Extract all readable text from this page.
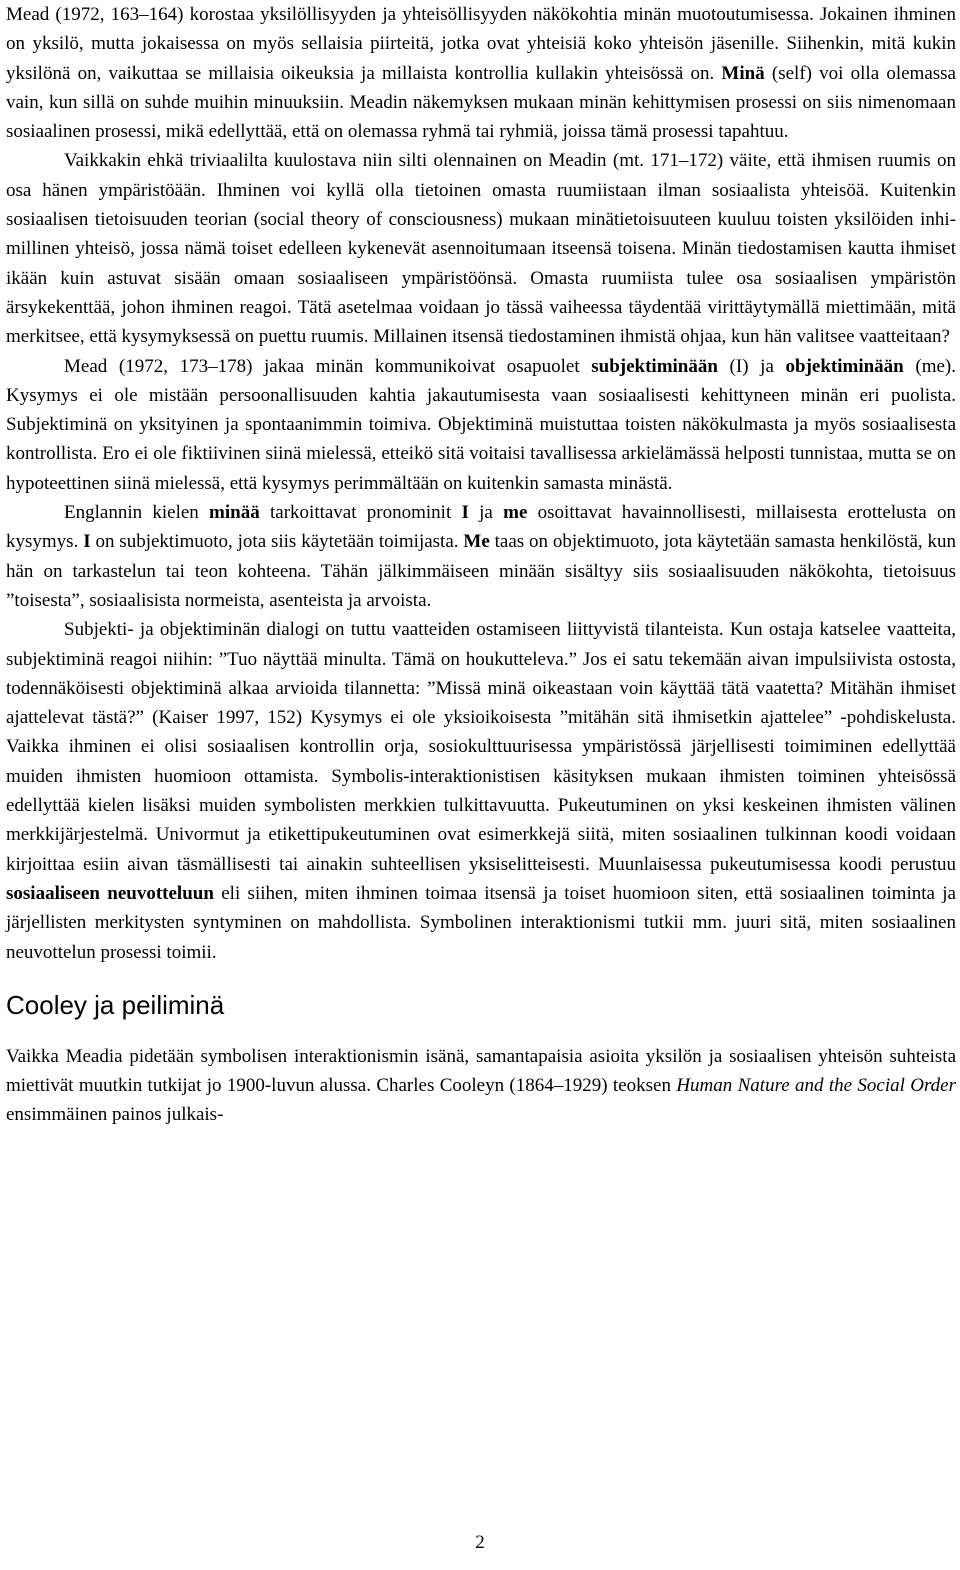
Mead (1972, 163–164) korostaa yksilöllisyyden ja yhteisöllisyyden näkökohtia minän muotoutumisessa. Jokainen ihminen on yksilö, mutta jokaisessa on myös sellaisia piirteitä, jotka ovat yhteisiä koko yhteisön jäsenille. Siihenkin, mitä kukin yksilönä on, vaikuttaa se millaisia oikeuksia ja millaista kontrollia kullakin yhteisössä on. Minä (self) voi olla olemassa vain, kun sillä on suhde muihin minuuksiin. Meadin näkemyksen mukaan minän kehittymisen prosessi on siis nimenomaan sosiaalinen prosessi, mikä edellyttää, että on olemassa ryhmä tai ryhmiä, joissa tämä prosessi tapahtuu.

Vaikkakin ehkä triviaalilta kuulostava niin silti olennainen on Meadin (mt. 171–172) väite, että ihmisen ruumis on osa hänen ympäristöään. Ihminen voi kyllä olla tietoinen omasta ruumiistaan ilman sosiaalista yhteisöä. Kuitenkin sosiaalisen tietoisuuden teorian (social theory of consciousness) mukaan minätietoisuuteen kuuluu toisten yksilöiden inhimillinen yhteisö, jossa nämä toiset edelleen kykenevät asennoitumaan itseensä toisena. Minän tiedostamisen kautta ihmiset ikään kuin astuvat sisään omaan sosiaaliseen ympäristöönsä. Omasta ruumiista tulee osa sosiaalisen ympäristön ärsykekenttää, johon ihminen reagoi. Tätä asetelmaa voidaan jo tässä vaiheessa täydentää virittäytymällä miettimään, mitä merkitsee, että kysymyksessä on puettu ruumis. Millainen itsensä tiedostaminen ihmistä ohjaa, kun hän valitsee vaatteitaan?

Mead (1972, 173–178) jakaa minän kommunikoivat osapuolet subjektiminään (I) ja objektiminään (me). Kysymys ei ole mistään persoonallisuuden kahtia jakautumisesta vaan sosiaalisesti kehittyneen minän eri puolista. Subjektiminä on yksityinen ja spontaanimmin toimiva. Objektiminä muistuttaa toisten näkökulmasta ja myös sosiaalisesta kontrollista. Ero ei ole fiktiivinen siinä mielessä, etteikö sitä voitaisi tavallisessa arkielämässä helposti tunnistaa, mutta se on hypoteettinen siinä mielessä, että kysymys perimmältään on kuitenkin samasta minästä.

Englannin kielen minää tarkoittavat pronominit I ja me osoittavat havainnollisesti, millaisesta erottelusta on kysymys. I on subjektimuoto, jota siis käytetään toimijasta. Me taas on objektimuoto, jota käytetään samasta henkilöstä, kun hän on tarkastelun tai teon kohteena. Tähän jälkimmäiseen minään sisältyy siis sosiaalisuuden näkökohta, tietoisuus ”toisesta”, sosiaalisista normeista, asenteista ja arvoista.

Subjekti- ja objektiminän dialogi on tuttu vaatteiden ostamiseen liittyvistä tilanteista. Kun ostaja katselee vaatteita, subjektiminä reagoi niihin: ”Tuo näyttää minulta. Tämä on houkutteleva.” Jos ei satu tekemään aivan impulsiivista ostosta, todennäköisesti objektiminä alkaa arvioida tilannetta: ”Missä minä oikeastaan voin käyttää tätä vaatetta? Mitähän ihmiset ajattelevat tästä?” (Kaiser 1997, 152) Kysymys ei ole yksioikoisesta ”mitähän sitä ihmisetkin ajattelee” -pohdiskelusta. Vaikka ihminen ei olisi sosiaalisen kontrollin orja, sosiokulttuurisessa ympäristössä järjellisesti toimiminen edellyttää muiden ihmisten huomioon ottamista. Symbolis-interaktionistisen käsityksen mukaan ihmisten toiminen yhteisössä edellyttää kielen lisäksi muiden symbolisten merkkien tulkittavuutta. Pukeutuminen on yksi keskeinen ihmisten välinen merkkijärjestelmä. Univormut ja etikettipukeutuminen ovat esimerkkejä siitä, miten sosiaalinen tulkinnan koodi voidaan kirjoittaa esiin aivan täsmällisesti tai ainakin suhteellisen yksiselitteisesti. Muunlaisessa pukeutumisessa koodi perustuu sosiaaliseen neuvotteluun eli siihen, miten ihminen toimaa itsensä ja toiset huomioon siten, että sosiaalinen toiminta ja järjellisten merkitysten syntyminen on mahdollista. Symbolinen interaktionismi tutkii mm. juuri sitä, miten sosiaalinen neuvottelun prosessi toimii.

Cooley ja peiliminä

Vaikka Meadia pidetään symbolisen interaktionismin isänä, samantapaisia asioita yksilön ja sosiaalisen yhteisön suhteista miettivät muutkin tutkijat jo 1900-luvun alussa. Charles Cooleyn (1864–1929) teoksen Human Nature and the Social Order ensimmäinen painos julkais-

2
